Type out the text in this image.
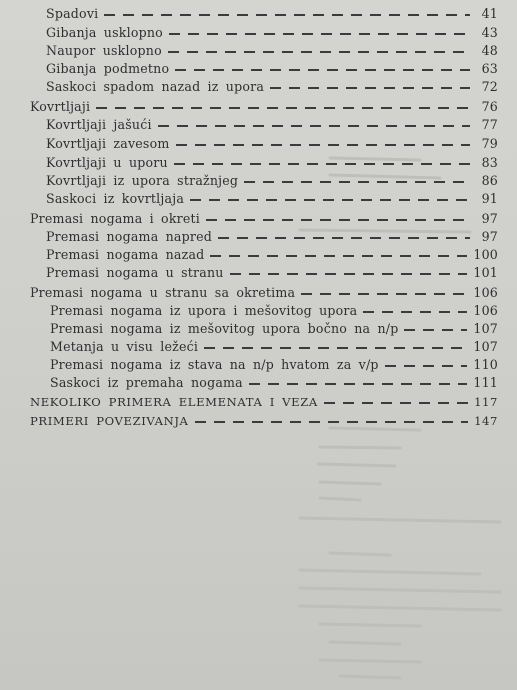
Spadovi	41
Gibanja usklopno	43
Naupor usklopno	48
Gibanja podmetno	63
Saskoci spadom nazad iz upora	72
Kovrtljaji	76
Kovrtljaji jašući	77
Kovrtljaji zavesom	79
Kovrtljaji u uporu	83
Kovrtljaji iz upora stražnjeg	86
Saskoci iz kovrtljaja	91
Premasi nogama i okreti	97
Premasi nogama napred	97
Premasi nogama nazad	100
Premasi nogama u stranu	101
Premasi nogama u stranu sa okretima	106
Premasi nogama iz upora i mešovitog upora	106
Premasi nogama iz mešovitog upora bočno na n/p	107
Metanja u visu ležeći	107
Premasi nogama iz stava na n/p hvatom za v/p	110
Saskoci iz premaha nogama	111
NEKOLIKO PRIMERA ELEMENATA I VEZA	117
PRIMERI POVEZIVANJA	147
